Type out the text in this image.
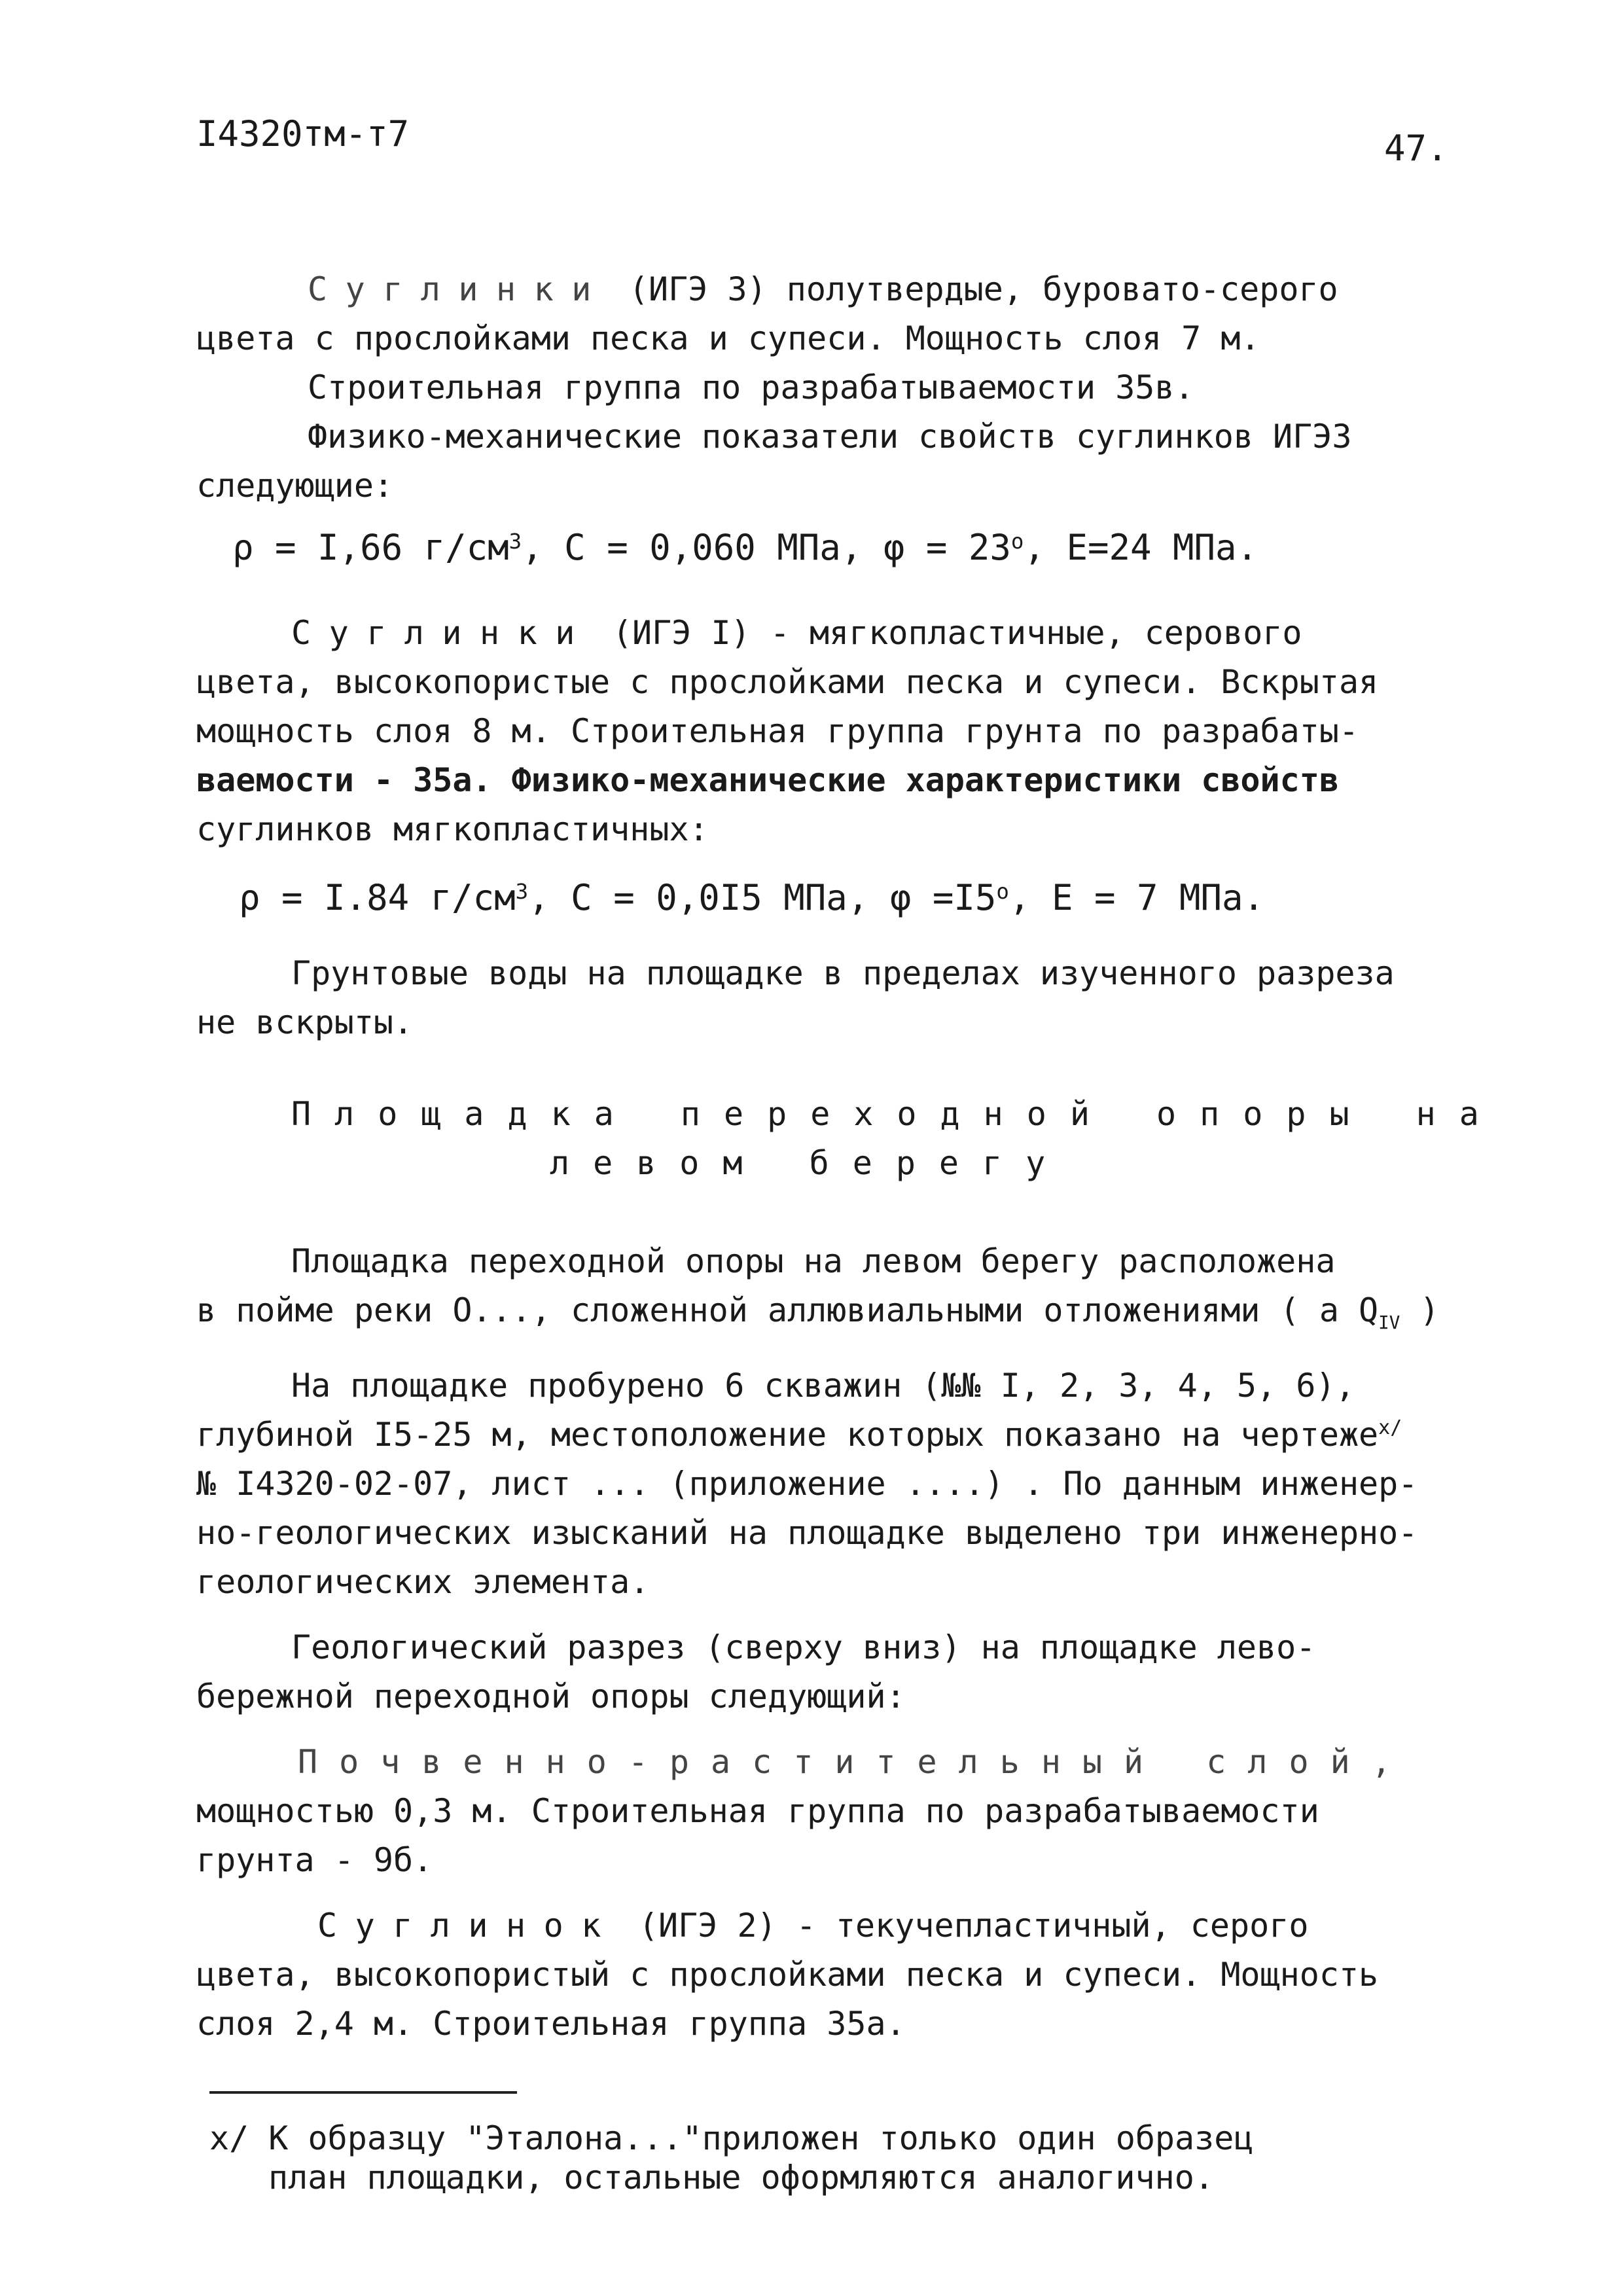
I4320тм-т7	47.
Суглинки (ИГЭ 3) полутвердые, буровато-серого
цвета с прослойками песка и супеси. Мощность слоя 7 м.
Строительная группа по разрабатываемости 35в.
Физико-механические показатели свойств суглинков ИГЭ3
следующие:
ρ = I,66 $г/см^3$, C = 0,060 МПа, $\varphi = 23^о$, E=24 МПа.
Суглинки (ИГЭ I) - мягкопластичные, серового
цвета, высокопористые с прослойками песка и супеси. Вскрытая
мощность слоя 8 м. Строительная группа грунта по разрабаты-
ваемости - 35а. Физико-механические характеристики свойств
суглинков мягкопластичных:
ρ = I.84 $г/см^3$, C = 0,0I5 МПа, $\varphi =I5^о$, E = 7 МПа.
Грунтовые воды на площадке в пределах изученного разреза
не вскрыты.
Площадка переходной опоры на
левом берегу
Площадка переходной опоры на левом берегу расположена
в пойме реки О..., сложенной аллювиальными отложениями ( a $Q_{IV}$ )
На площадке пробурено 6 скважин (№№ I, 2, 3, 4, 5, 6),
глубиной I5-25 м, местоположение которых показано на чертеже$^{x/}$
№ I4320-02-07, лист ... (приложение ....) . По данным инженер-
но-геологических изысканий на площадке выделено три инженерно-
геологических элемента.
Геологический разрез (сверху вниз) на площадке лево-
бережной переходной опоры следующий:
Почвенно-растительный слой,
мощностью 0,3 м. Строительная группа по разрабатываемости
грунта - 9б.
Суглинок (ИГЭ 2) - текучепластичный, серого
цвета, высокопористый с прослойками песка и супеси. Мощность
слоя 2,4 м. Строительная группа 35а.
x/ К образцу "Эталона..."приложен только один образец
план площадки, остальные оформляются аналогично.
